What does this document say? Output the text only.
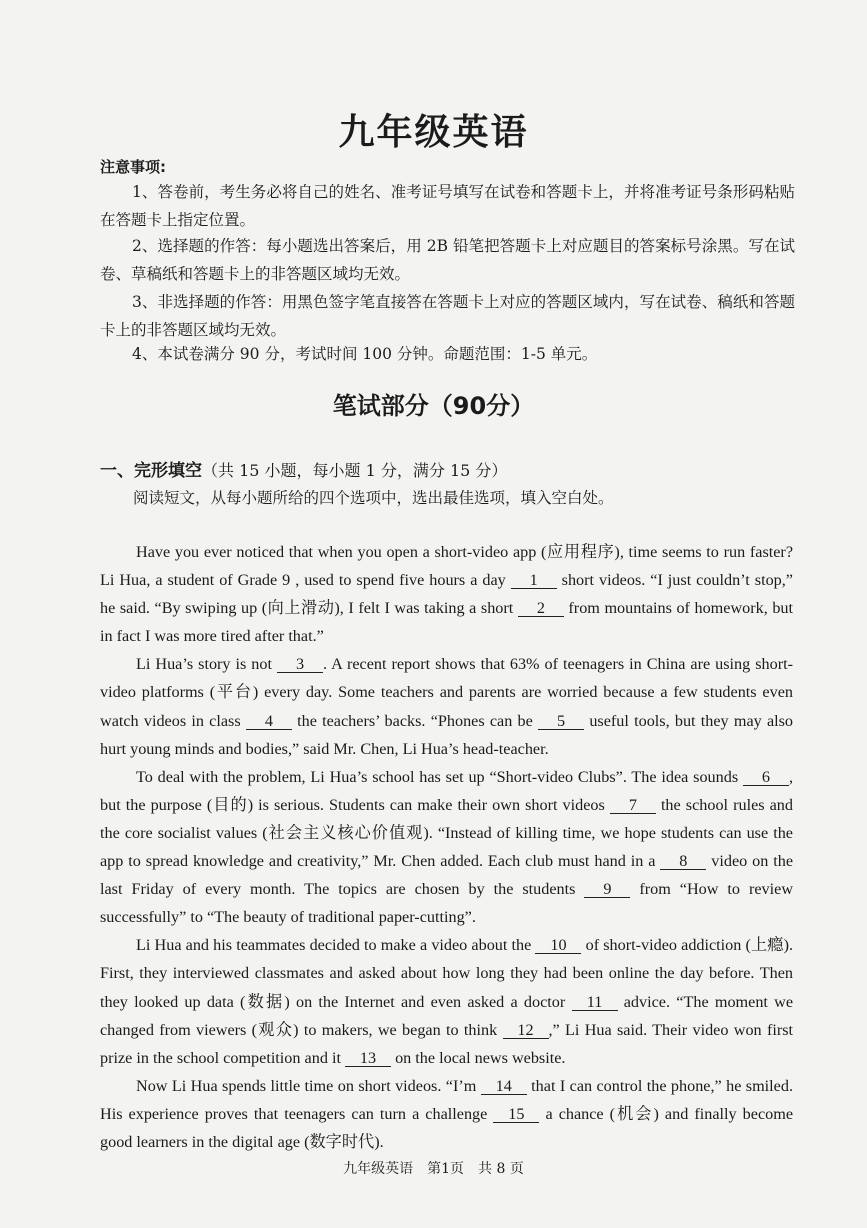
九年级英语
注意事项:
1、答卷前，考生务必将自己的姓名、准考证号填写在试卷和答题卡上，并将准考证号条形码粘贴在答题卡上指定位置。
2、选择题的作答：每小题选出答案后，用 2B 铅笔把答题卡上对应题目的答案标号涂黑。写在试卷、草稿纸和答题卡上的非答题区域均无效。
3、非选择题的作答：用黑色签字笔直接答在答题卡上对应的答题区域内，写在试卷、稿纸和答题卡上的非答题区域均无效。
4、本试卷满分 90 分，考试时间 100 分钟。命题范围：1-5 单元。
笔试部分（90分）
一、完形填空（共 15 小题，每小题 1 分，满分 15 分）
阅读短文，从每小题所给的四个选项中，选出最佳选项，填入空白处。

Have you ever noticed that when you open a short-video app (应用程序), time seems to run faster? Li Hua, a student of Grade 9 , used to spend five hours a day 1 short videos. “I just couldn’t stop,” he said. “By swiping up (向上滑动), I felt I was taking a short 2 from mountains of homework, but in fact I was more tired after that.”

Li Hua’s story is not 3 . A recent report shows that 63% of teenagers in China are using short-video platforms (平台) every day. Some teachers and parents are worried because a few students even watch videos in class 4 the teachers’ backs. “Phones can be 5 useful tools, but they may also hurt young minds and bodies,” said Mr. Chen, Li Hua’s head-teacher.

To deal with the problem, Li Hua’s school has set up “Short-video Clubs”. The idea sounds 6 , but the purpose (目的) is serious. Students can make their own short videos 7 the school rules and the core socialist values (社会主义核心价值观). “Instead of killing time, we hope students can use the app to spread knowledge and creativity,” Mr. Chen added. Each club must hand in a 8 video on the last Friday of every month. The topics are chosen by the students 9 from “How to review successfully” to “The beauty of traditional paper-cutting”.

Li Hua and his teammates decided to make a video about the 10 of short-video addiction (上瘾). First, they interviewed classmates and asked about how long they had been online the day before. Then they looked up data (数据) on the Internet and even asked a doctor 11 advice. “The moment we changed from viewers (观众) to makers, we began to think 12 ,” Li Hua said. Their video won first prize in the school competition and it 13 on the local news website.

Now Li Hua spends little time on short videos. “I’m 14 that I can control the phone,” he smiled. His experience proves that teenagers can turn a challenge 15 a chance (机会) and finally become good learners in the digital age (数字时代).

九年级英语　第1页　共 8 页
